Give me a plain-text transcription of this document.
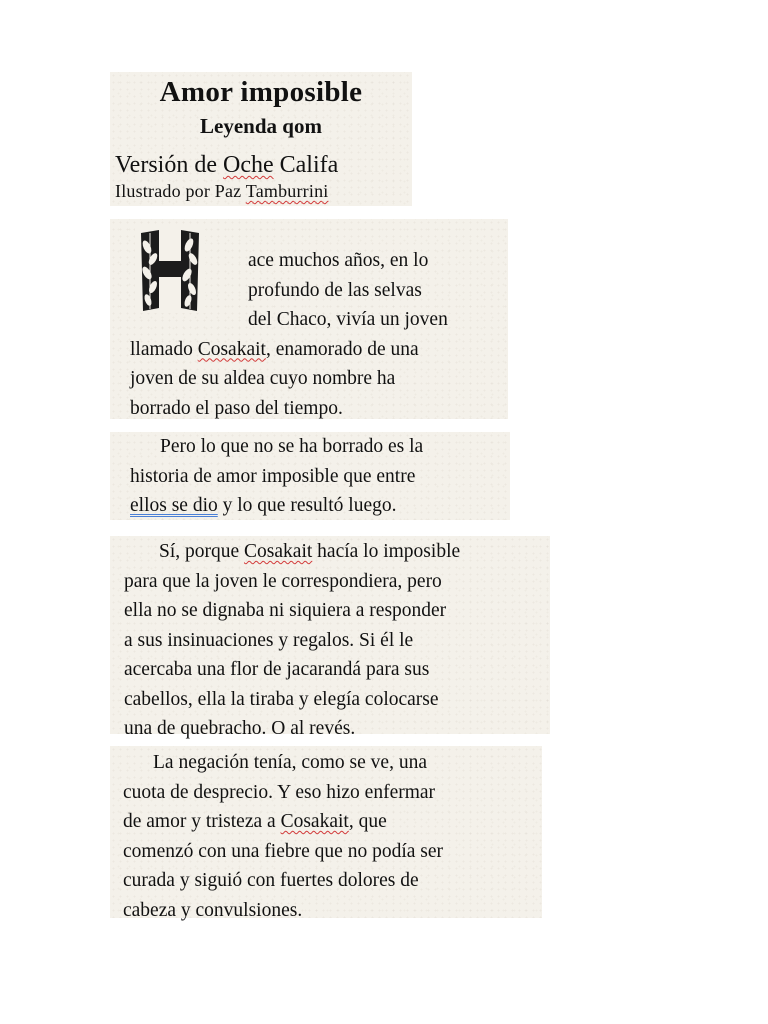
Amor imposible
Leyenda qom
Versión de Oche Califa
Ilustrado por Paz Tamburrini
ace muchos años, en lo
profundo de las selvas
del Chaco, vivía un joven
llamado Cosakait, enamorado de una
joven de su aldea cuyo nombre ha
borrado el paso del tiempo.
Pero lo que no se ha borrado es la
historia de amor imposible que entre
ellos se dio y lo que resultó luego.
Sí, porque Cosakait hacía lo imposible
para que la joven le correspondiera, pero
ella no se dignaba ni siquiera a responder
a sus insinuaciones y regalos. Si él le
acercaba una flor de jacarandá para sus
cabellos, ella la tiraba y elegía colocarse
una de quebracho. O al revés.
La negación tenía, como se ve, una
cuota de desprecio. Y eso hizo enfermar
de amor y tristeza a Cosakait, que
comenzó con una fiebre que no podía ser
curada y siguió con fuertes dolores de
cabeza y convulsiones.
